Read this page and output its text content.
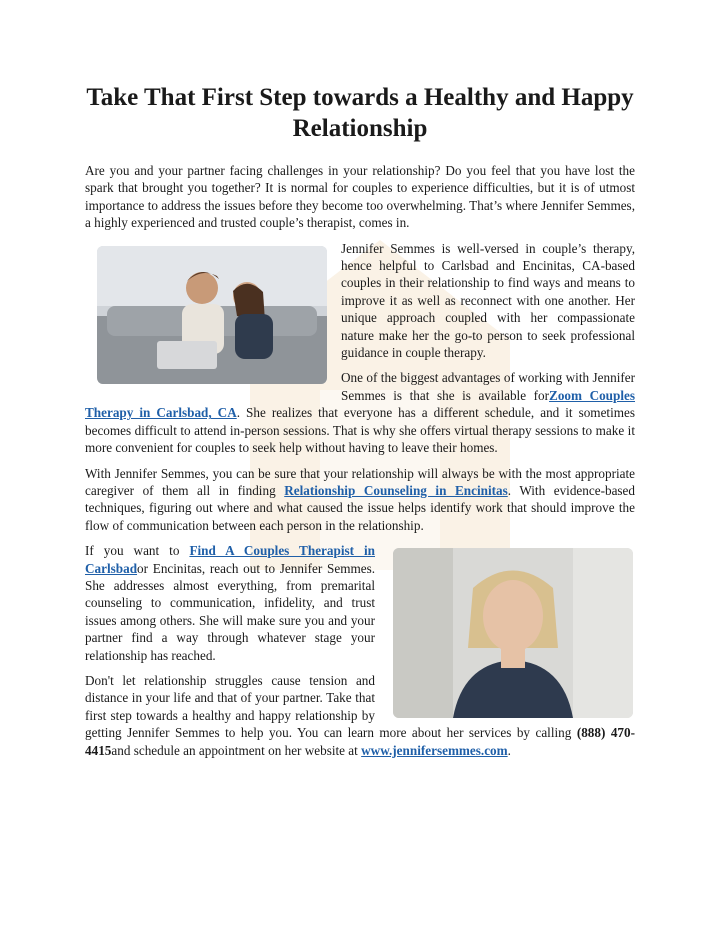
Take That First Step towards a Healthy and Happy Relationship

Are you and your partner facing challenges in your relationship? Do you feel that you have lost the spark that brought you together? It is normal for couples to experience difficulties, but it is of utmost importance to address the issues before they become too overwhelming. That’s where Jennifer Semmes, a highly experienced and trusted couple’s therapist, comes in.

Jennifer Semmes is well-versed in couple’s therapy, hence helpful to Carlsbad and Encinitas, CA-based couples in their relationship to find ways and means to improve it as well as reconnect with one another. Her unique approach coupled with her compassionate nature make her the go-to person to seek professional guidance in couple therapy.

One of the biggest advantages of working with Jennifer Semmes is that she is available forZoom Couples Therapy in Carlsbad, CA. She realizes that everyone has a different schedule, and it sometimes becomes difficult to attend in-person sessions. That is why she offers virtual therapy sessions to make it more convenient for couples to seek help without having to leave their homes.

With Jennifer Semmes, you can be sure that your relationship will always be with the most appropriate caregiver of them all in finding Relationship Counseling in Encinitas. With evidence-based techniques, figuring out where and what caused the issue helps identify work that should improve the flow of communication between each person in the relationship.

If you want to Find A Couples Therapist in Carlsbador Encinitas, reach out to Jennifer Semmes. She addresses almost everything, from premarital counseling to communication, infidelity, and trust issues among others. She will make sure you and your partner find a way through whatever stage your relationship has reached.

Don't let relationship struggles cause tension and distance in your life and that of your partner. Take that first step towards a healthy and happy relationship by getting Jennifer Semmes to help you. You can learn more about her services by calling (888) 470-4415and schedule an appointment on her website at www.jennifersemmes.com.
